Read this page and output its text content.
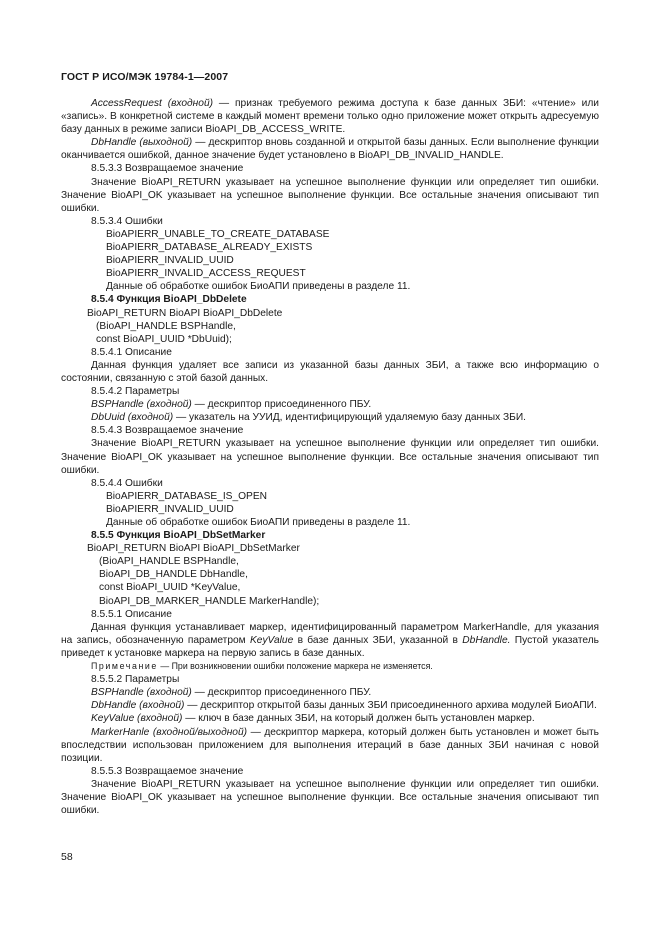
ГОСТ Р ИСО/МЭК 19784-1—2007

AccessRequest (входной) — признак требуемого режима доступа к базе данных ЗБИ: «чтение» или «запись». В конкретной системе в каждый момент времени только одно приложение может открыть адресуемую базу данных в режиме записи BioAPI_DB_ACCESS_WRITE.

DbHandle (выходной) — дескриптор вновь созданной и открытой базы данных. Если выполнение функции оканчивается ошибкой, данное значение будет установлено в BioAPI_DB_INVALID_HANDLE.

8.5.3.3 Возвращаемое значение

Значение BioAPI_RETURN указывает на успешное выполнение функции или определяет тип ошибки. Значение BioAPI_OK указывает на успешное выполнение функции. Все остальные значения описывают тип ошибки.

8.5.3.4 Ошибки

BioAPIERR_UNABLE_TO_CREATE_DATABASE

BioAPIERR_DATABASE_ALREADY_EXISTS

BioAPIERR_INVALID_UUID

BioAPIERR_INVALID_ACCESS_REQUEST

Данные об обработке ошибок БиоАПИ приведены в разделе 11.

8.5.4 Функция BioAPI_DbDelete

BioAPI_RETURN BioAPI BioAPI_DbDelete

(BioAPI_HANDLE BSPHandle,

const BioAPI_UUID *DbUuid);

8.5.4.1 Описание

Данная функция удаляет все записи из указанной базы данных ЗБИ, а также всю информацию о состоянии, связанную с этой базой данных.

8.5.4.2 Параметры

BSPHandle (входной) — дескриптор присоединенного ПБУ.

DbUuid (входной) — указатель на УУИД, идентифицирующий удаляемую базу данных ЗБИ.

8.5.4.3 Возвращаемое значение

Значение BioAPI_RETURN указывает на успешное выполнение функции или определяет тип ошибки. Значение BioAPI_OK указывает на успешное выполнение функции. Все остальные значения описывают тип ошибки.

8.5.4.4 Ошибки

BioAPIERR_DATABASE_IS_OPEN

BioAPIERR_INVALID_UUID

Данные об обработке ошибок БиоАПИ приведены в разделе 11.

8.5.5 Функция BioAPI_DbSetMarker

BioAPI_RETURN BioAPI BioAPI_DbSetMarker

(BioAPI_HANDLE BSPHandle,

BioAPI_DB_HANDLE DbHandle,

const BioAPI_UUID *KeyValue,

BioAPI_DB_MARKER_HANDLE MarkerHandle);

8.5.5.1 Описание

Данная функция устанавливает маркер, идентифицированный параметром MarkerHandle, для указания на запись, обозначенную параметром KeyValue в базе данных ЗБИ, указанной в DbHandle. Пустой указатель приведет к установке маркера на первую запись в базе данных.

Примечание — При возникновении ошибки положение маркера не изменяется.

8.5.5.2 Параметры

BSPHandle (входной) — дескриптор присоединенного ПБУ.

DbHandle (входной) — дескриптор открытой базы данных ЗБИ присоединенного архива модулей БиоАПИ.

KeyValue (входной) — ключ в базе данных ЗБИ, на который должен быть установлен маркер.

MarkerHanle (входной/выходной) — дескриптор маркера, который должен быть установлен и может быть впоследствии использован приложением для выполнения итераций в базе данных ЗБИ начиная с новой позиции.

8.5.5.3 Возвращаемое значение

Значение BioAPI_RETURN указывает на успешное выполнение функции или определяет тип ошибки. Значение BioAPI_OK указывает на успешное выполнение функции. Все остальные значения описывают тип ошибки.

58
